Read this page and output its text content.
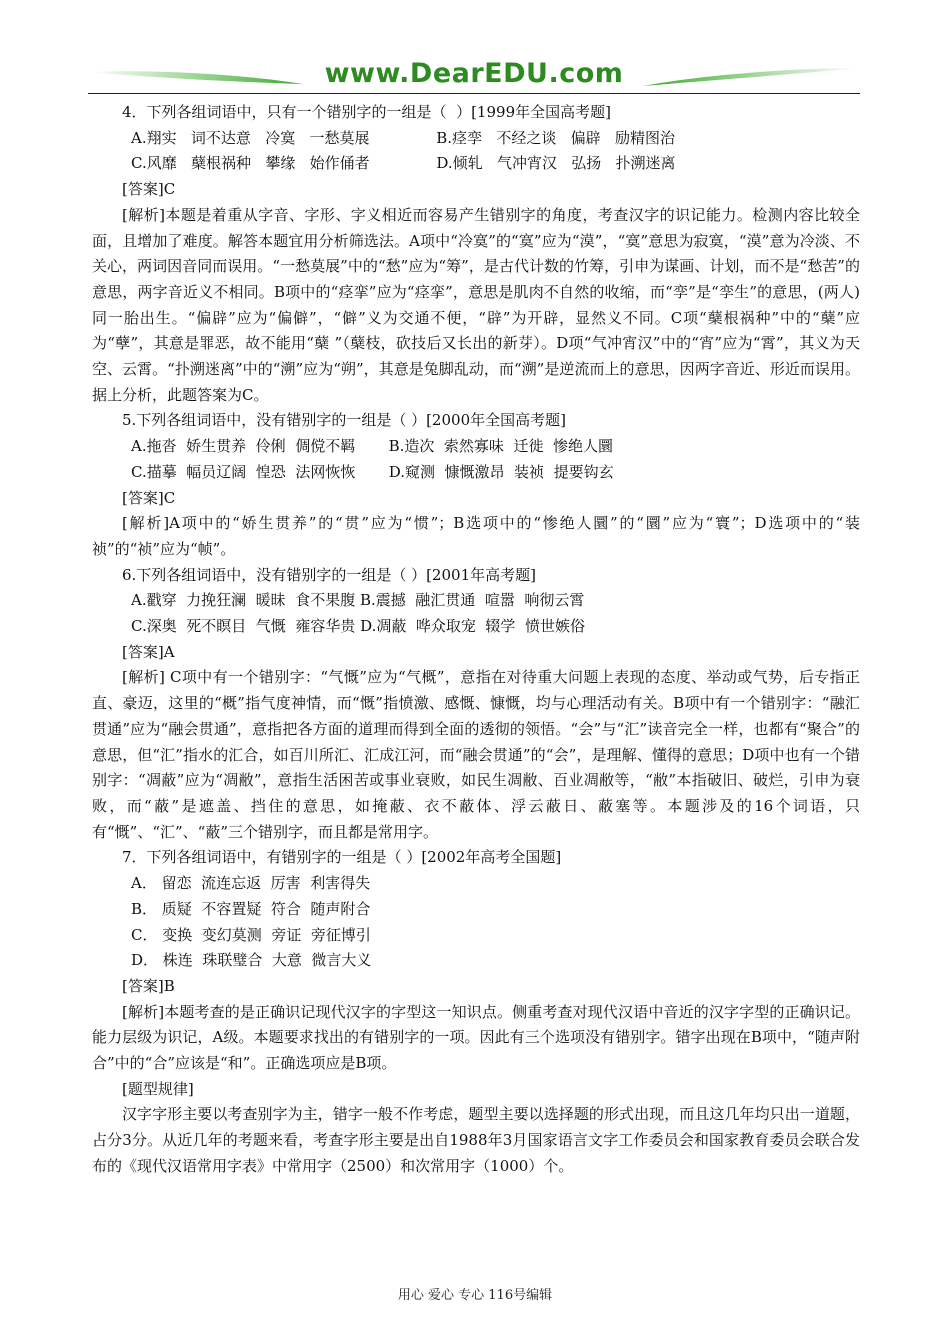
www.DearEDU.com

4．下列各组词语中，只有一个错别字的一组是（  ）[1999年全国高考题]

A.翔实   词不达意   冷寞   一愁莫展              B.痉孪   不经之谈   偏辟   励精图治

C.风靡   蘖根祸种   攀缘   始作俑者              D.倾轧   气冲宵汉   弘扬   扑溯迷离

[答案]C

[解析]本题是着重从字音、字形、字义相近而容易产生错别字的角度，考查汉字的识记能力。检测内容比较全面，且增加了难度。解答本题宜用分析筛选法。A项中“冷寞”的“寞”应为“漠”，“寞”意思为寂寞，“漠”意为冷淡、不关心，两词因音同而误用。“一愁莫展”中的“愁”应为“筹”，是古代计数的竹筹，引申为谋画、计划，而不是“愁苦”的意思，两字音近义不相同。B项中的“痉挛”应为“痉挛”，意思是肌肉不自然的收缩，而“孪”是“孪生”的意思，(两人)同一胎出生。“偏辟”应为“偏僻”，“僻”义为交通不便，“辟”为开辟，显然义不同。C项“蘖根祸种”中的“蘖”应为“孽”，其意是罪恶，故不能用“蘖 ”（蘖枝，砍技后又长出的新芽）。D项“气冲宵汉”中的“宵”应为“霄”，其义为天空、云霄。“扑溯迷离”中的“溯”应为“朔”，其意是兔脚乱动，而“溯”是逆流而上的意思，因两字音近、形近而误用。据上分析，此题答案为C。

5.下列各组词语中，没有错别字的一组是（ ）[2000年全国高考题]

A.拖沓  娇生贯养  伶俐  倜傥不羁       B.造次  索然寡味  迁徙  惨绝人圜

C.描摹  幅员辽阔  惶恐  法网恢恢       D.窥测  慷慨激昂  装祯  提要钩玄

[答案]C

[解析]A项中的“娇生贯养”的“贯”应为“惯”；B选项中的“惨绝人圜”的“圜”应为“寰”；D选项中的“装祯”的“祯”应为“帧”。

6.下列各组词语中，没有错别字的一组是（ ）[2001年高考题]

A.戳穿  力挽狂澜  暖昧  食不果腹 B.震撼  融汇贯通  喧嚣  响彻云霄

C.深奥  死不瞑目  气慨  雍容华贵 D.凋蔽  哗众取宠  辍学  愤世嫉俗

[答案]A

[解析] C项中有一个错别字：“气慨”应为“气概”，意指在对待重大问题上表现的态度、举动或气势，后专指正直、豪迈，这里的“概”指气度神情，而“慨”指愤激、感慨、慷慨，均与心理活动有关。B项中有一个错别字：“融汇贯通”应为“融会贯通”，意指把各方面的道理而得到全面的透彻的领悟。“会”与“汇”读音完全一样，也都有“聚合”的意思，但“汇”指水的汇合，如百川所汇、汇成江河，而“融会贯通”的“会”，是理解、懂得的意思；D项中也有一个错别字：“凋蔽”应为“凋敝”，意指生活困苦或事业衰败，如民生凋敝、百业凋敝等，“敝”本指破旧、破烂，引申为衰败，而“蔽”是遮盖、挡住的意思，如掩蔽、衣不蔽体、浮云蔽日、蔽塞等。本题涉及的16个词语，只有“慨”、“汇”、“蔽”三个错别字，而且都是常用字。

7．下列各组词语中，有错别字的一组是（ ）[2002年高考全国题]

A． 留恋  流连忘返  厉害  利害得失

B． 质疑  不容置疑  符合  随声附合

C． 变换  变幻莫测  旁证  旁征博引

D． 株连  珠联璧合  大意  微言大义

[答案]B

[解析]本题考查的是正确识记现代汉字的字型这一知识点。侧重考查对现代汉语中音近的汉字字型的正确识记。能力层级为识记，A级。本题要求找出的有错别字的一项。因此有三个选项没有错别字。错字出现在B项中，“随声附合”中的“合”应该是“和”。正确选项应是B项。

[题型规律]

汉字字形主要以考查别字为主，错字一般不作考虑，题型主要以选择题的形式出现，而且这几年均只出一道题，占分3分。从近几年的考题来看，考查字形主要是出自1988年3月国家语言文字工作委员会和国家教育委员会联合发布的《现代汉语常用字表》中常用字（2500）和次常用字（1000）个。

用心 爱心 专心 116号编辑
